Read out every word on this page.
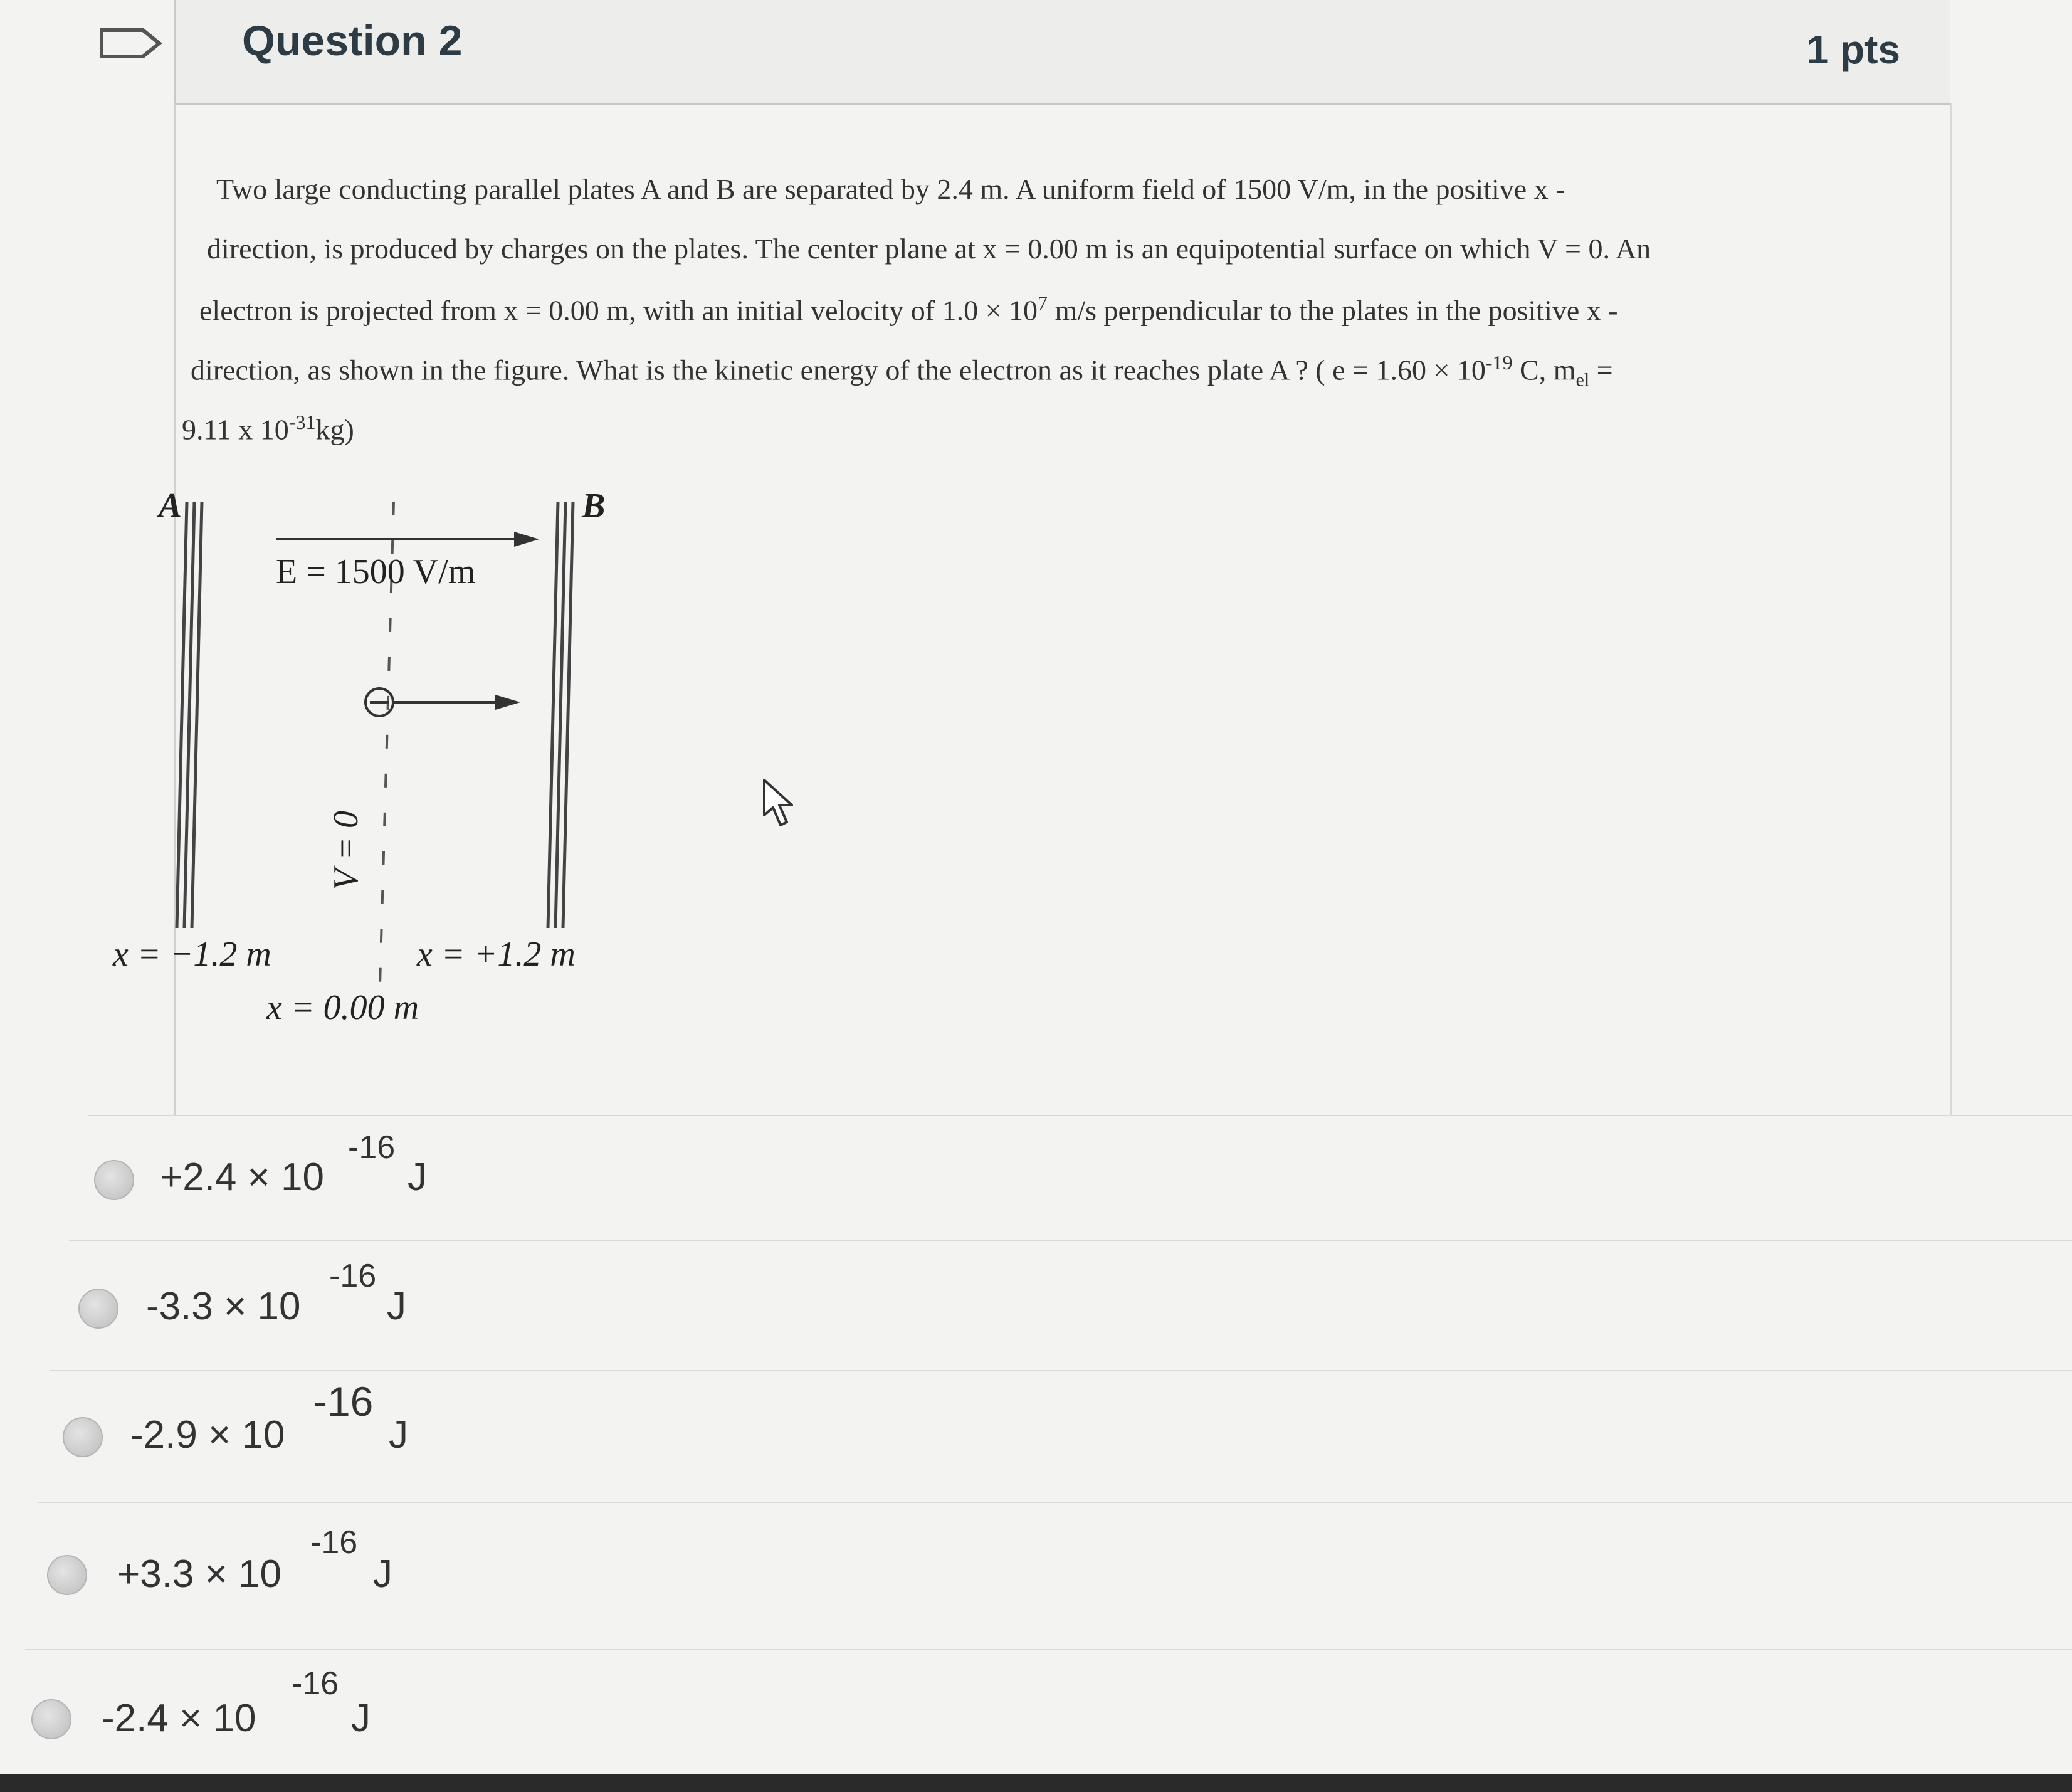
Question 2	1 pts
Two large conducting parallel plates A and B are separated by 2.4 m. A uniform field of 1500 V/m, in the positive x -
direction, is produced by charges on the plates. The center plane at x = 0.00 m is an equipotential surface on which V = 0. An
electron is projected from x = 0.00 m, with an initial velocity of $1.0 \times 10^7$ m/s perpendicular to the plates in the positive x -
direction, as shown in the figure. What is the kinetic energy of the electron as it reaches plate A ? ( $e = 1.60 \times 10^{-19}$ C, $m_{el}$ =
9.11 x $10^{-31}kg$)
A	B
E = 1500 V/m
V = 0
x = −1.2 m	x = +1.2 m
x = 0.00 m
+2.4 × 10
-16
J
-3.3 × 10
-16
J
-2.9 × 10
-16
J
+3.3 × 10
-16
J
-2.4 × 10
-16
J
